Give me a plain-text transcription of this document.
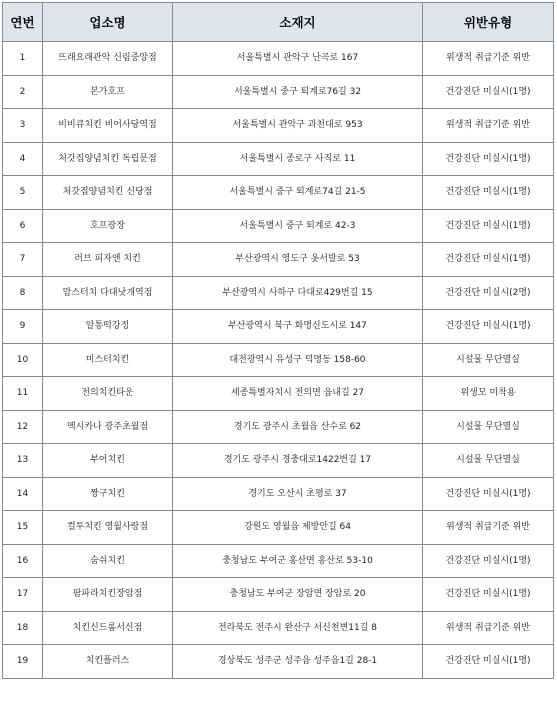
연번	업소명	소재지	위반유형
1	뜨래요래관악 신림중앙점	서울특별시 관악구 난곡로 167	위생적 취급기준 위반
2	본가호프	서울특별시 중구 퇴계로76길 32	건강진단 미실시(1명)
3	비비큐치킨 비어사당역점	서울특별시 관악구 과천대로 953	위생적 취급기준 위반
4	처갓집양념치킨 독립문점	서울특별시 종로구 사직로 11	건강진단 미실시(1명)
5	처갓집양념치킨 신당점	서울특별시 중구 퇴계로74길 21-5	건강진단 미실시(1명)
6	호프광장	서울특별시 중구 퇴계로 42-3	건강진단 미실시(1명)
7	러브 피자앤 치킨	부산광역시 영도구 옷서발로 53	건강진단 미실시(1명)
8	맘스터치 다대낫개역점	부산광역시 사하구 다대로429번길 15	건강진단 미실시(2명)
9	알통떡강정	부산광역시 북구 화명신도시로 147	건강진단 미실시(1명)
10	미스터치킨	대전광역시 유성구 덕명동 158-60	시설물 무단멸실
11	전의치킨타운	세종특별자치시 전의면 읍내길 27	위생모 미착용
12	멕시카나 광주초월점	경기도 광주시 초월읍 산수로 62	시설물 무단멸실
13	부어치킨	경기도 광주시 경충대로1422번길 17	시설물 무단멸실
14	짱구치킨	경기도 오산시 초평로 37	건강진단 미실시(1명)
15	컬투치킨 영월사랑점	강원도 영월읍 제방안길 64	위생적 취급기준 위반
16	숨쉬치킨	충청남도 부여군 홍산면 홍산로 53-10	건강진단 미실시(1명)
17	팜파라치킨장암점	충청남도 부여군 장암면 장암로 20	건강진단 미실시(1명)
18	치킨신드롬서신점	전라북도 전주시 완산구 서신천변11길 8	위생적 취급기준 위반
19	치킨플러스	경상북도 성주군 성주읍 성주읍1길 28-1	건강진단 미실시(1명)
